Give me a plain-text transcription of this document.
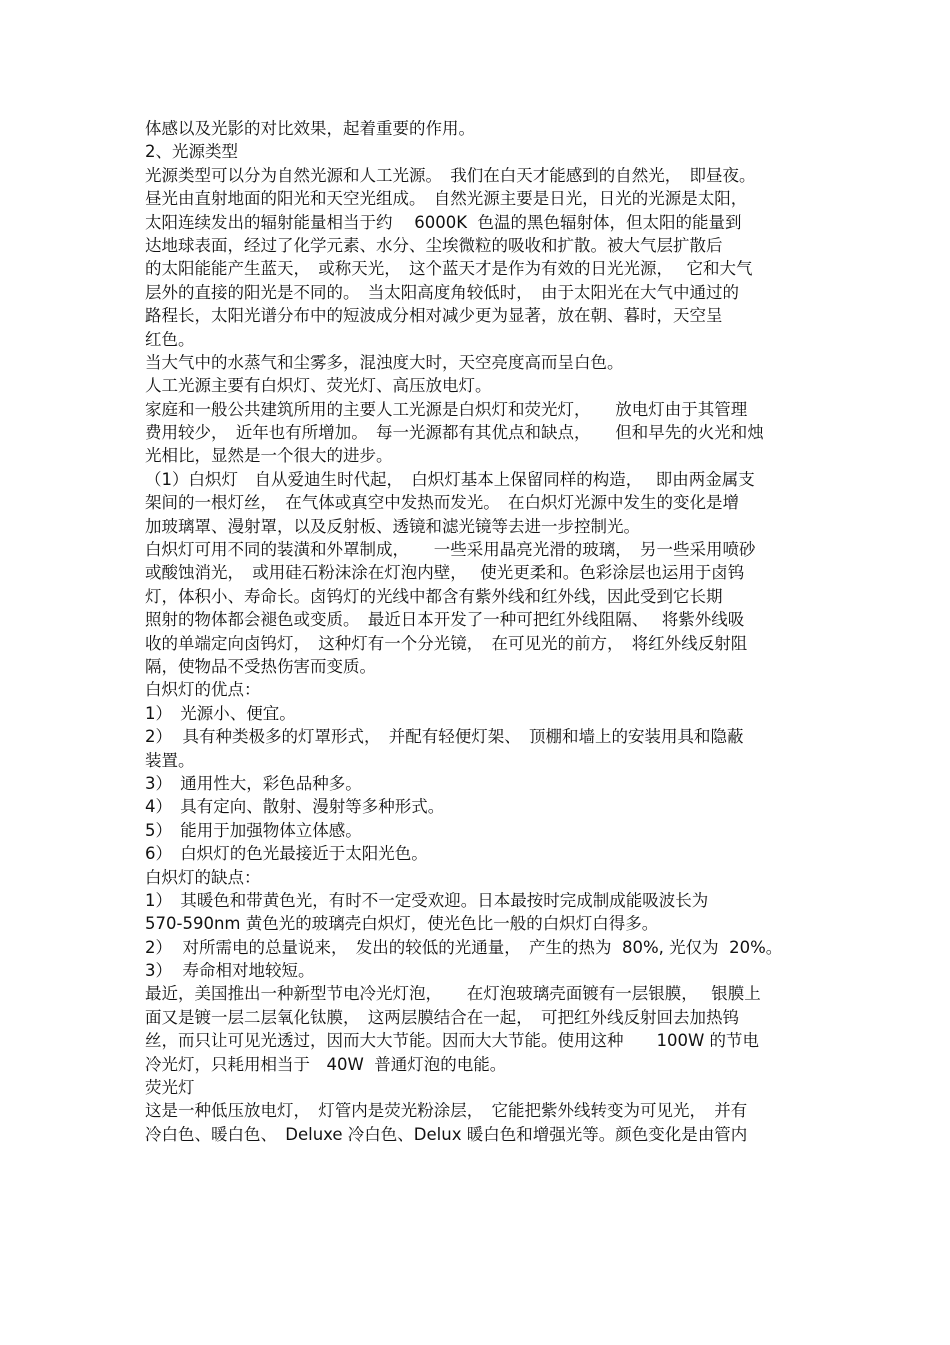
体感以及光影的对比效果，起着重要的作用。
2、光源类型
光源类型可以分为自然光源和人工光源。　我们在白天才能感到的自然光，　即昼夜。
昼光由直射地面的阳光和天空光组成。　自然光源主要是日光，日光的光源是太阳，
太阳连续发出的辐射能量相当于约　 6000K  色温的黑色辐射体，但太阳的能量到
达地球表面，经过了化学元素、水分、尘埃微粒的吸收和扩散。被大气层扩散后
的太阳能能产生蓝天，　或称天光，　这个蓝天才是作为有效的日光光源，　 它和大气
层外的直接的阳光是不同的。　当太阳高度角较低时，　由于太阳光在大气中通过的
路程长，太阳光谱分布中的短波成分相对减少更为显著，放在朝、暮时，天空呈
红色。
当大气中的水蒸气和尘雾多，混浊度大时，天空亮度高而呈白色。
人工光源主要有白炽灯、荧光灯、高压放电灯。
家庭和一般公共建筑所用的主要人工光源是白炽灯和荧光灯，　　放电灯由于其管理
费用较少，　近年也有所增加。　每一光源都有其优点和缺点，　　但和早先的火光和烛
光相比，显然是一个很大的进步。
（1）白炽灯　自从爱迪生时代起，　白炽灯基本上保留同样的构造，　 即由两金属支
架间的一根灯丝，　在气体或真空中发热而发光。　在白炽灯光源中发生的变化是增
加玻璃罩、漫射罩，以及反射板、透镜和滤光镜等去进一步控制光。
白炽灯可用不同的装潢和外罩制成，　　一些采用晶亮光滑的玻璃，　另一些采用喷砂
或酸蚀消光，　或用硅石粉沫涂在灯泡内壁，　 使光更柔和。色彩涂层也运用于卤钨
灯，体积小、寿命长。卤钨灯的光线中都含有紫外线和红外线，因此受到它长期
照射的物体都会褪色或变质。　最近日本开发了一种可把红外线阻隔、　 将紫外线吸
收的单端定向卤钨灯，　这种灯有一个分光镜，　在可见光的前方，　将红外线反射阻
隔，使物品不受热伤害而变质。
白炽灯的优点：
1）　光源小、便宜。
2）  具有种类极多的灯罩形式，　并配有轻便灯架、　顶棚和墙上的安装用具和隐蔽
装置。
3）　通用性大，彩色品种多。
4）　具有定向、散射、漫射等多种形式。
5）　能用于加强物体立体感。
6）　白炽灯的色光最接近于太阳光色。
白炽灯的缺点：
1）　其暖色和带黄色光，有时不一定受欢迎。日本最按时完成制成能吸波长为
570-590nm 黄色光的玻璃壳白炽灯，使光色比一般的白炽灯白得多。
2）  对所需电的总量说来，　发出的较低的光通量，　产生的热为  80%, 光仅为  20%。
3）  寿命相对地较短。
最近，美国推出一种新型节电冷光灯泡，　　在灯泡玻璃壳面镀有一层银膜，　 银膜上
面又是镀一层二层氧化钛膜，　这两层膜结合在一起，　可把红外线反射回去加热钨
丝，而只让可见光透过，因而大大节能。因而大大节能。使用这种　　100W 的节电
冷光灯，只耗用相当于　40W  普通灯泡的电能。
荧光灯
这是一种低压放电灯，　灯管内是荧光粉涂层，　它能把紫外线转变为可见光，　并有
冷白色、暖白色、　Deluxe 冷白色、Delux 暖白色和增强光等。颜色变化是由管内
